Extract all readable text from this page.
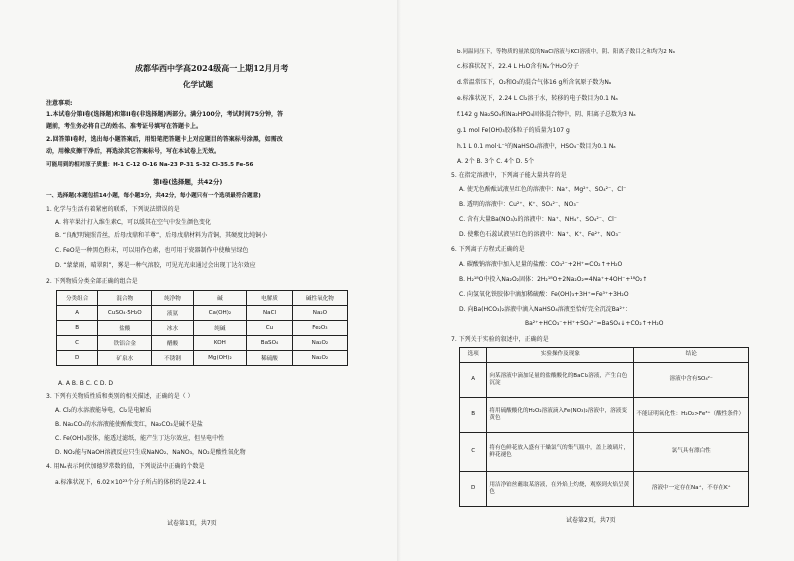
成都华西中学高2024级高一上期12月月考
化学试题
注意事项:
1.本试卷分第I卷(选择题)和第II卷(非选择题)两部分。满分100分，考试时间75分钟，答
题前，考生务必将自己的姓名、准考证号填写在答题卡上。
2.回答第I卷时，选出每小题答案后，用铅笔把答题卡上对应题目的答案标号涂黑，如需改
动，用橡皮擦干净后，再选涂其它答案标号，写在本试卷上无效。
可能用到的相对原子质量：H-1 C-12 O-16 Na-23 P-31 S-32 Cl-35.5 Fe-56
第I卷(选择题，共42分)
一、选择题(本题包括14小题，每小题3分，共42分，每小题只有一个选项最符合题意)
1. 化学与生活有着紧密的联系，下列说法错误的是
A. 将苹果汁打入维生素C，可以缓其在空气中发生颜色变化
B. “良配明镜照青丝，后母戊鼎和羊尊”，后母戊鼎材料为青铜，其硬度比纯铜小
C. FeO是一种黑色粉末，可以用作色素，也可用于瓷器制作中使釉呈绿色
D. “蒙蒙雨，晴翠阴”，雾是一种气溶胶，可见光光束通过会出现丁达尔效应
2. 下列物质分类全部正确的组合是
分类组合	混合物	纯净物	碱	电解质	碱性氧化物
A	CuSO₄·5H₂O	液氨	Ca(OH)₂	NaCl	Na₂O
B	盐酸	冰水	纯碱	Cu	Fe₂O₃
C	铁铝合金	醋酸	KOH	BaSO₄	Na₂O₂
D	矿泉水	不锈钢	Mg(OH)₂	稀硫酸	Na₂O₂
A. A B. B C. C D. D
3. 下列有关物质性质和类别的相关描述，正确的是（ ）
A. Cl₂的水溶液能导电，Cl₂是电解质
B. Na₂CO₃的水溶液能使酚酞变红，Na₂CO₃是碱不是盐
C. Fe(OH)₃胶体，能透过滤纸，能产生丁达尔效应，但呈电中性
D. NO₂能与NaOH溶液反应只生成NaNO₂、NaNO₃，NO₂是酸性氧化物
4. 用Nₐ表示阿伏加德罗常数的值，下列说法中正确的个数是
a.标准状况下，6.02×10²³个分子所占的体积约是22.4 L
试卷第1页，共7页
b.同温同压下，等物质的量浓度的NaCl溶液与KCl溶液中，阴、阳离子数目之和均为2 Nₐ
c.标准状况下，22.4 L H₂O含有Nₐ个H₂O分子
d.常温常压下，O₂和O₃的混合气体16 g所含氧原子数为Nₐ
e.标准状况下，2.24 L Cl₂溶于水，转移的电子数目为0.1 Nₐ
f.142 g Na₂SO₄和Na₂HPO₄固体混合物中，阴、阳离子总数为3 Nₐ
g.1 mol Fe(OH)₃胶体粒子的质量为107 g
h.1 L 0.1 mol·L⁻¹的NaHSO₄溶液中，HSO₄⁻数目为0.1 Nₐ
A. 2个 B. 3个 C. 4个 D. 5个
5. 在指定溶液中，下列离子能大量共存的是
A. 使无色酚酞试液呈红色的溶液中：Na⁺、Mg²⁺、SO₄²⁻、Cl⁻
B. 透明的溶液中：Cu²⁺、K⁺、SO₄²⁻、NO₃⁻
C. 含有大量Ba(NO₃)₂的溶液中：Na⁺、NH₄⁺、SO₄²⁻、Cl⁻
D. 使紫色石蕊试液呈红色的溶液中：Na⁺、K⁺、Fe²⁺、NO₃⁻
6. 下列离子方程式正确的是
A. 碳酸钠溶液中加入足量的盐酸：CO₃²⁻+2H⁺=CO₂↑+H₂O
B. H₂¹⁸O中投入Na₂O₂固体：2H₂¹⁸O+2Na₂O₂=4Na⁺+4OH⁻+¹⁸O₂↑
C. 向氢氧化铁胶体中滴加稀硫酸：Fe(OH)₃+3H⁺=Fe³⁺+3H₂O
D. 向Ba(HCO₃)₂溶液中滴入NaHSO₄溶液至恰好完全沉淀Ba²⁺：
Ba²⁺+HCO₃⁻+H⁺+SO₄²⁻=BaSO₄↓+CO₂↑+H₂O
7. 下列关于实验的叙述中，正确的是
选项	实验操作及现象	结论
A	向某溶液中滴加足量的盐酸酸化的BaCl₂溶液，产生白色沉淀	溶液中含有SO₄²⁻
B	将用硫酸酸化的H₂O₂溶液滴入Fe(NO₃)₂溶液中，溶液变黄色	不能证明氧化性：H₂O₂>Fe³⁺（酸性条件）
C	将有色鲜花放入盛有干燥氯气的集气瓶中，盖上玻璃片，鲜花褪色	氯气具有漂白性
D	用洁净铂丝蘸取某溶液，在外焰上灼烧，观察到火焰呈黄色	溶液中一定存在Na⁺，不存在K⁺
试卷第2页，共7页
